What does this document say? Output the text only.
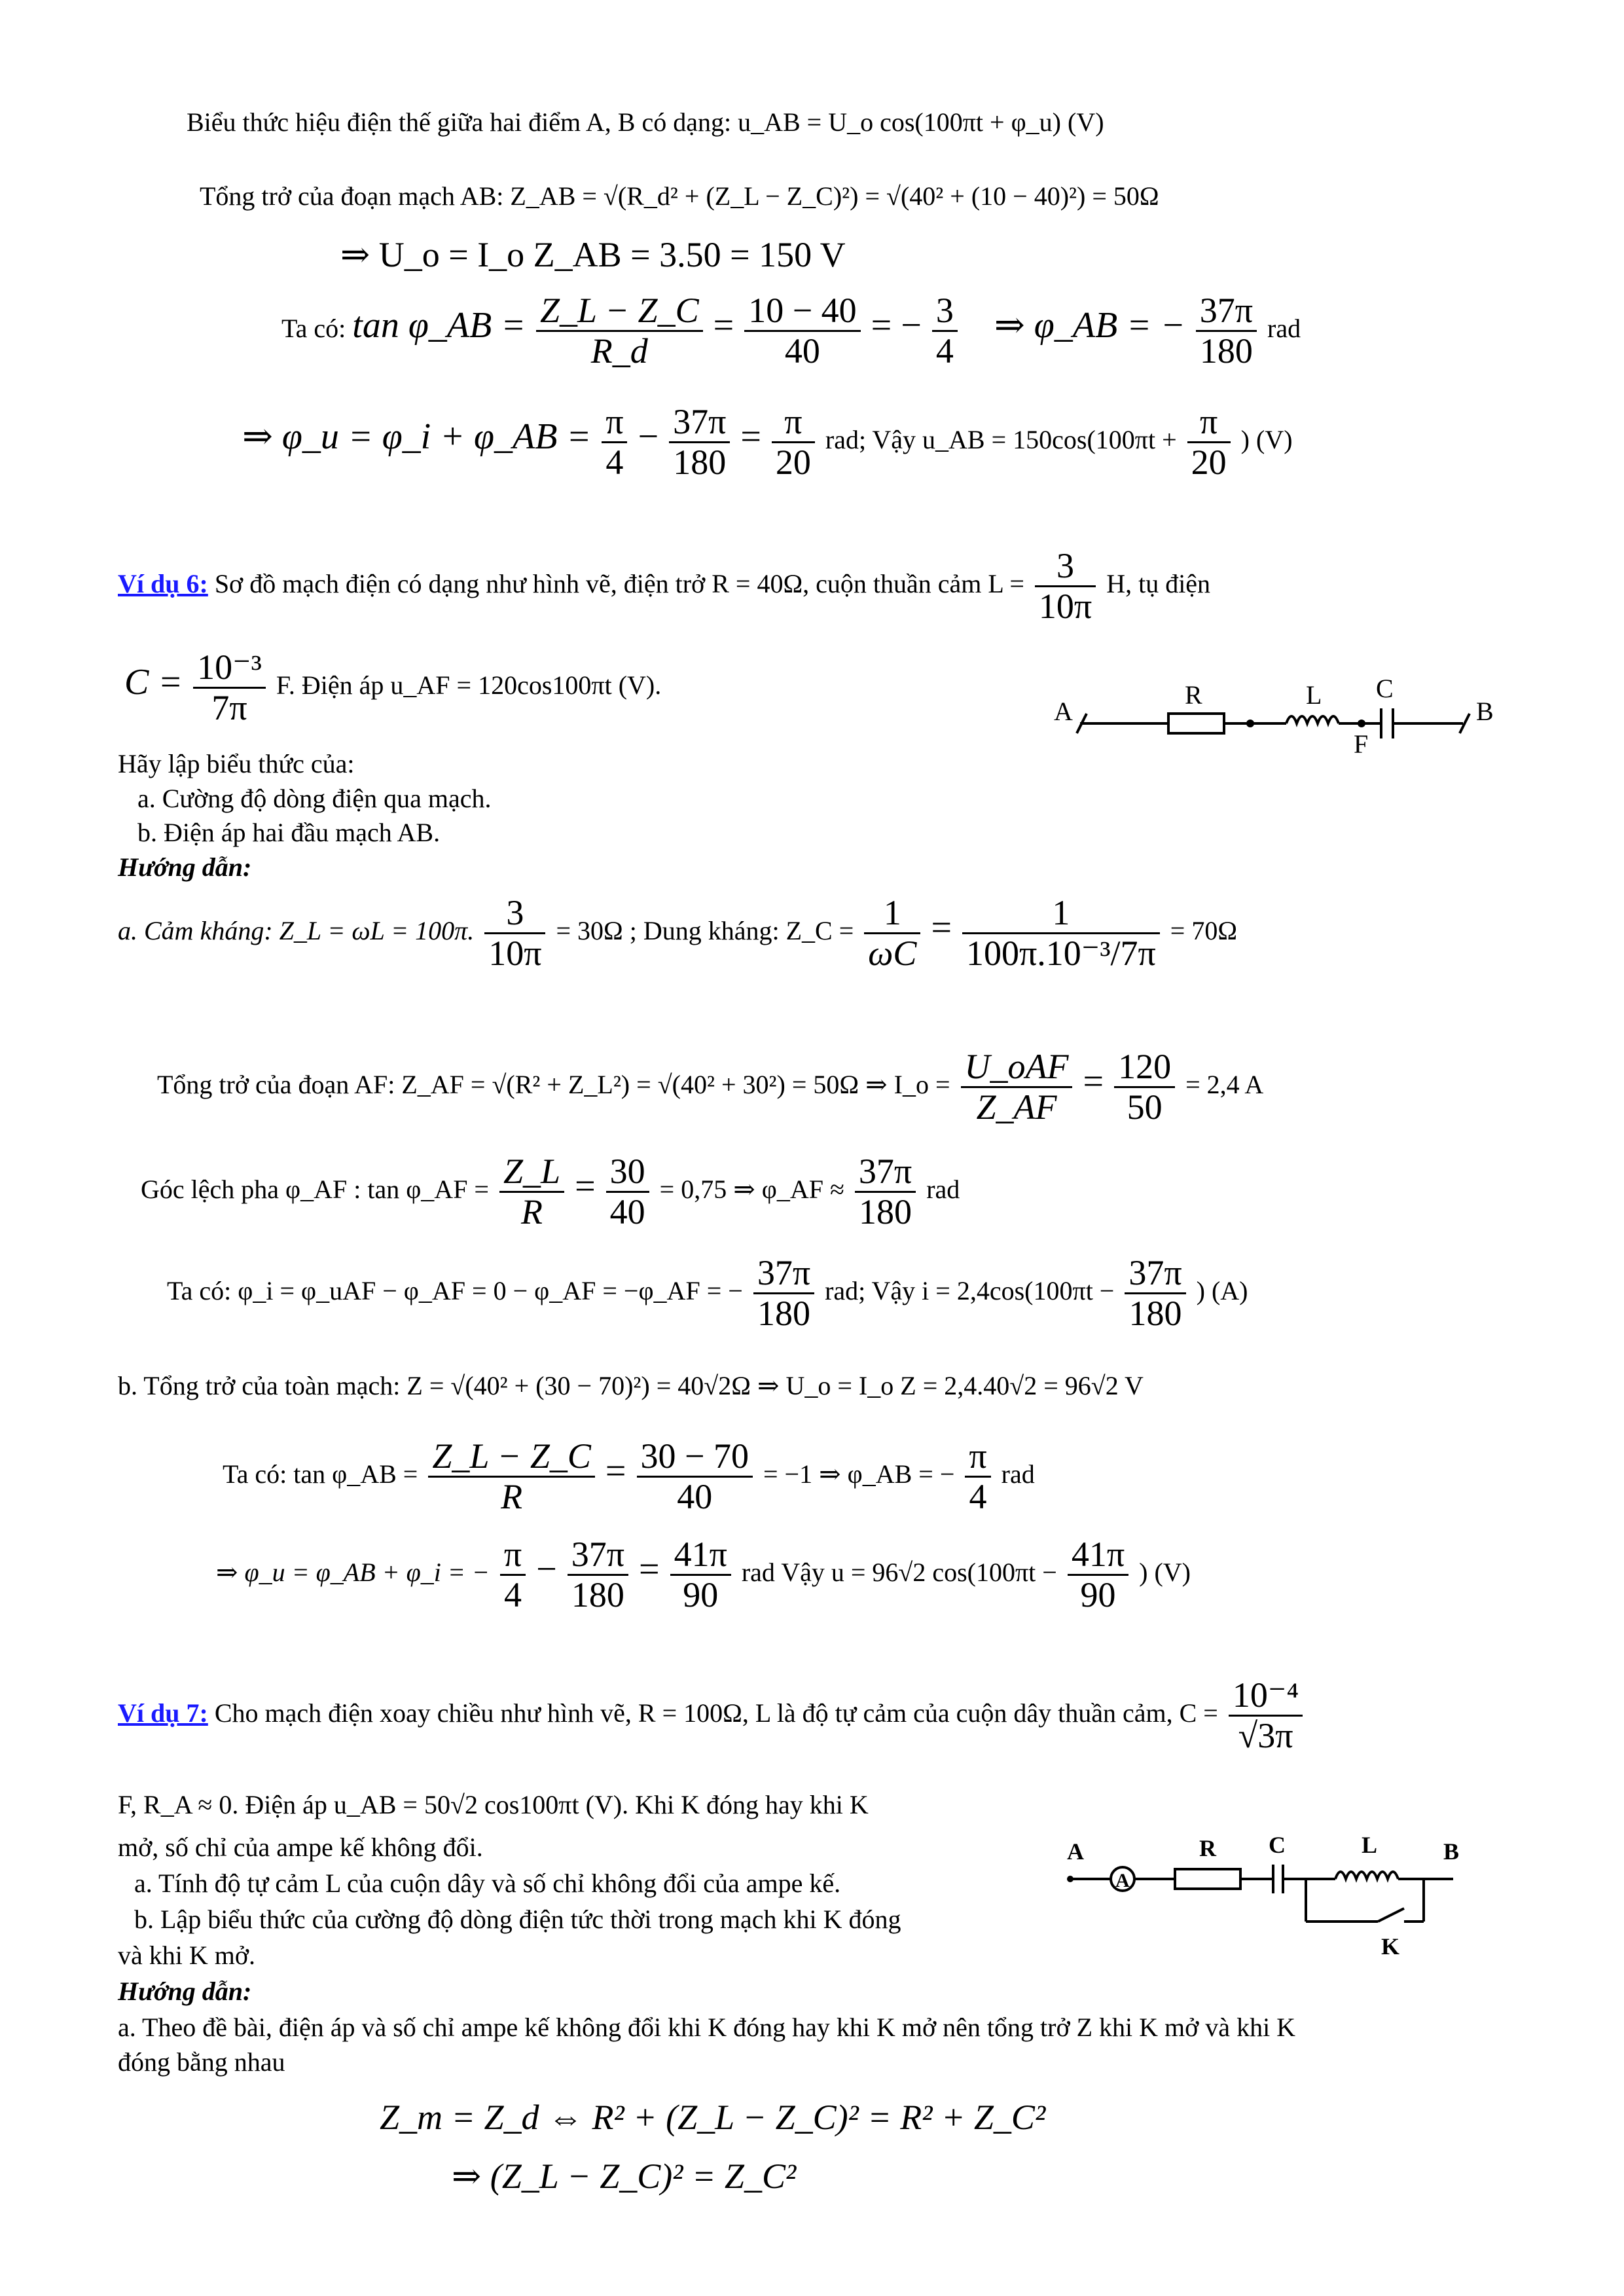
Biểu thức hiệu điện thế giữa hai điểm A, B có dạng: u_AB = U_o cos(100πt + φ_u) (V)
Tổng trở của đoạn mạch AB: Z_AB = √(R_d² + (Z_L − Z_C)²) = √(40² + (10 − 40)²) = 50Ω
⇒ U_o = I_o Z_AB = 3.50 = 150 V
Ta có: tan φ_AB = $\frac{Z\_L - Z\_C}{R\_d} = \frac{10 - 40}{40}$ = − $\frac{3}{4}$ ⇒ φ_AB = − $\frac{37\pi}{180}$ rad
⇒ φ_u = φ_i + φ_AB = $\frac{\pi}{4} - \frac{37\pi}{180} = \frac{\pi}{20}$ rad; Vậy u_AB = $150\cos(100\pi t + \frac{\pi}{20}$ ) (V)
Ví dụ 6: Sơ đồ mạch điện có dạng như hình vẽ, điện trở R = 40Ω, cuộn thuần cảm $L = \frac{3}{10\pi} H$, tụ điện
$C = \frac{\text{10⁻³}}{7\pi} F$. Điện áp u_AF = 120cos100πt (V).
Hãy lập biểu thức của:
a. Cường độ dòng điện qua mạch.
b. Điện áp hai đầu mạch AB.
Hướng dẫn:
A
R	L
F
C
B
a. Cảm kháng: Z_L = ωL = 100π. $\frac{3}{10\pi} = 30\Omega$ ; Dung kháng: Z_C = $\frac{1}{\omega C} = \frac{1}{\text{100π.10⁻³/7π}} = 70\Omega$
Tổng trở của đoạn AF: Z_AF = √(R² + Z_L²) = √(40² + 30²) = 50Ω ⇒ I_o = $\frac{\text{U\_oAF}}{Z\_AF} = \frac{120}{50} = 2,4$ A
Góc lệch pha φ_AF : tan φ_AF = $\frac{Z\_L}{R} = \frac{30}{40} = 0,75$ ⇒ φ_AF ≈ $\frac{37\pi}{180}$ rad
Ta có: φ_i = φ_uAF − φ_AF = 0 − φ_AF = −φ_AF = − $\frac{37\pi}{180}$ rad; Vậy $i = 2,4\cos(100\pi t - \frac{37\pi}{180}$ ) (A)
b. Tổng trở của toàn mạch: Z = √(40² + (30 − 70)²) = 40√2Ω ⇒ U_o = I_o Z = 2,4.40√2 = 96√2 V
Ta có: tan φ_AB = $\frac{Z\_L - Z\_C}{R} = \frac{30 - 70}{40} = -1$ ⇒ φ_AB = − $\frac{\pi}{4}$ rad
⇒ φ_u = φ_AB + φ_i = − $\frac{\pi}{4} - \frac{37\pi}{180} = \frac{41\pi}{90}$ rad Vậy u = 96√2 $\cos(100\pi t - \frac{41\pi}{90}$ ) (V)
Ví dụ 7: Cho mạch điện xoay chiều như hình vẽ, R = 100Ω, L là độ tự cảm của cuộn dây thuần cảm, $C = \frac{\text{10⁻⁴}}{√3\pi}$
F, R_A ≈ 0. Điện áp u_AB = 50√2 cos100πt (V). Khi K đóng hay khi K
mở, số chỉ của ampe kế không đổi.
a. Tính độ tự cảm L của cuộn dây và số chỉ không đổi của ampe kế.
b. Lập biểu thức của cường độ dòng điện tức thời trong mạch khi K đóng
và khi K mở.
Hướng dẫn:
a. Theo đề bài, điện áp và số chỉ ampe kế không đổi khi K đóng hay khi K mở nên tổng trở Z khi K mở và khi K
đóng bằng nhau
Z_m = Z_d ⇔ R² + (Z_L − Z_C)² = R² + Z_C²
⇒ (Z_L − Z_C)² = Z_C²
A
A
R C	L	B
K
